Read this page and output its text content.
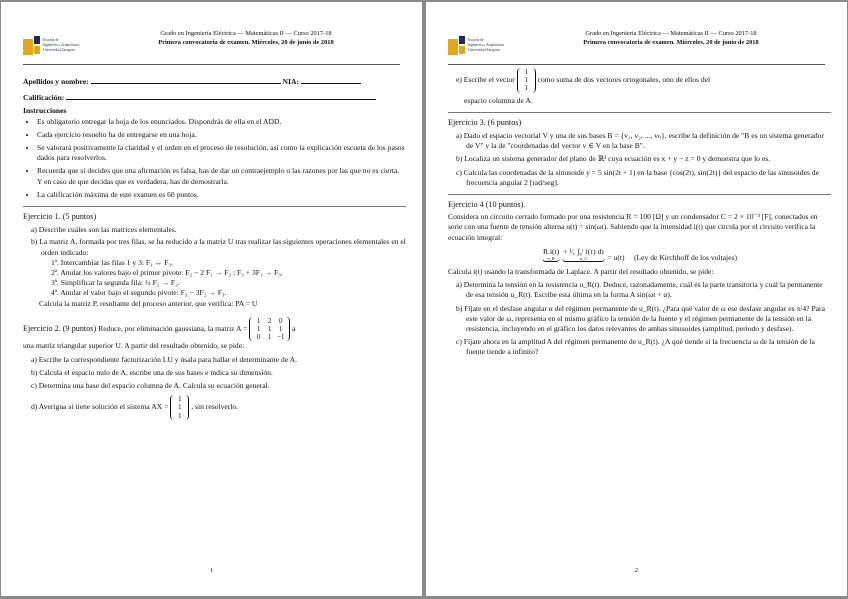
Escuela de
Ingeniería y Arquitectura
Universidad Zaragoza
Grado en Ingeniería Eléctrica — Matemáticas II — Curso 2017-18
Primera convocatoria de examen. Miércoles, 20 de junio de 2018

Apellidos y nombre:	NIA:

Calificación:

Instrucciones

• Es obligatorio entregar la hoja de los enunciados. Dispondrás de ella en el ADD.
• Cada ejercicio resuelto ha de entregarse en una hoja.
• Se valorará positivamente la claridad y el orden en el proceso de resolución, así como la explicación escueta de los pasos dados para resolverlos.
• Recuerda que si decides que una afirmación es falsa, has de dar un contraejemplo o las razones por las que no es cierta. Y en caso de que decidas que es verdadera, has de demostrarla.
• La calificación máxima de este examen es 60 puntos.

Ejercicio 1. (5 puntos)

a) Describe cuáles son las matrices elementales.

b) La matriz A, formada por tres filas, se ha reducido a la matriz U tras realizar las siguientes operaciones elementales en el orden indicado:

1ª. Intercambiar las filas 1 y 3: F₁ ↔ F₃.

2ª. Anular los valores bajo el primer pivote: F₂ − 2 F₁ → F₂ ; F₃ + 3F₁ → F₃.

3ª. Simplificar la segunda fila: ½ F₂ → F₂.

4ª. Anular el valor bajo el segundo pivote: F₃ − 3F₂ → F₃.

Calcula la matriz P, resultante del proceso anterior, que verifica: PA = U

Ejercicio 2. (9 puntos) Reduce, por eliminación gaussiana, la matriz A = 1 2 0
1 1 1
0 1 −1 a

una matriz triangular superior U. A partir del resultado obtenido, se pide:

a) Escribe la correspondiente factorización LU y úsala para hallar el determinante de A.

b) Calcula el espacio nulo de A, escribe una de sus bases e indica su dimensión.

c) Determina una base del espacio columna de A. Calcula su ecuación general.

d) Averigua si tiene solución el sistema AX = 1
1
1 , sin resolverlo.

1
Escuela de
Ingeniería y Arquitectura
Universidad Zaragoza
Grado en Ingeniería Eléctrica — Matemáticas II — Curso 2017-18
Primera convocatoria de examen. Miércoles, 20 de junio de 2018

e) Escribe el vector 1
1
1 como suma de dos vectores ortogonales, uno de ellos del

espacio columna de A.

Ejercicio 3. (6 puntos)

a) Dado el espacio vectorial V y una de sus bases B = {v₁, v₂, ..., vₙ}, escribe la definición de "B es un sistema generador de V" y la de "coordenadas del vector v ∈ V en la base B".

b) Localiza un sistema generador del plano de ℝ³ cuya ecuación es x + y − z = 0 y demuestra que lo es.

c) Calcula las coordenadas de la sinusoide y = 5 sin(2t + 1) en la base {cos(2t), sin(2t)} del espacio de las sinusoides de frecuencia angular 2 [rad/seg].

Ejercicio 4 (10 puntos).

Considera un circuito cerrado formado por una resistencia R = 100 [Ω] y un condensador C = 2 × 10⁻³ [F], conectados en serie con una fuente de tensión alterna u(t) = sin(ωt). Sabiendo que la intensidad i(t) que circula por el circuito verifica la ecuación integral:

R.i(t)
u_R
+ ¹⁄꜀ ∫₀ᵗ i(τ) dτ
u_C	= u(t) (Ley de Kirchhoff de los voltajes)

Calcula i(t) usando la transformada de Laplace. A partir del resultado obtenido, se pide:

a) Determina la tensión en la resistencia u_R(t). Deduce, razonadamente, cuál es la parte transitoria y cuál la permanente de esa tensión u_R(t). Escribe esta última en la forma A sin(ωt + α).

b) Fíjate en el desfase angular α del régimen permanente de u_R(t). ¿Para qué valor de ω ese desfase angular es π/4? Para este valor de ω, representa en el mismo gráfico la tensión de la fuente y el régimen permanente de la tensión en la resistencia, incluyendo en el gráfico los datos relevantes de ambas sinusoides (amplitud, periodo y desfase).

c) Fíjate ahora en la amplitud A del régimen permanente de u_R(t). ¿A qué tiende si la frecuencia ω de la tensión de la fuente tiende a infinito?

2
